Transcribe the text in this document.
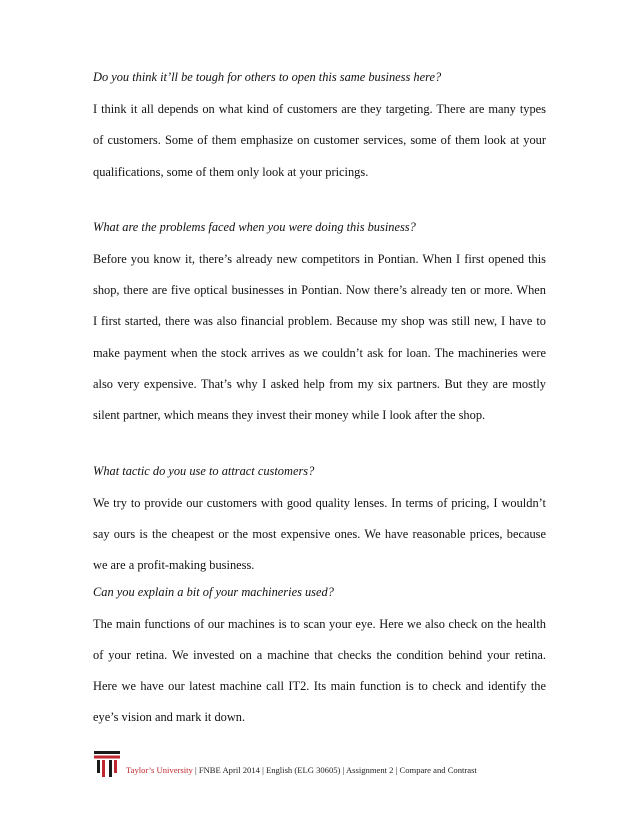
Do you think it’ll be tough for others to open this same business here?

I think it all depends on what kind of customers are they targeting. There are many types
of customers. Some of them emphasize on customer services, some of them look at your
qualifications, some of them only look at your pricings.

What are the problems faced when you were doing this business?

Before you know it, there’s already new competitors in Pontian. When I first opened this
shop, there are five optical businesses in Pontian. Now there’s already ten or more. When
I first started, there was also financial problem. Because my shop was still new, I have to
make payment when the stock arrives as we couldn’t ask for loan. The machineries were
also very expensive. That’s why I asked help from my six partners. But they are mostly
silent partner, which means they invest their money while I look after the shop.

What tactic do you use to attract customers?

We try to provide our customers with good quality lenses. In terms of pricing, I wouldn’t
say ours is the cheapest or the most expensive ones. We have reasonable prices, because
we are a profit-making business.

Can you explain a bit of your machineries used?

The main functions of our machines is to scan your eye. Here we also check on the health
of your retina. We invested on a machine that checks the condition behind your retina.
Here we have our latest machine call IT2. Its main function is to check and identify the
eye’s vision and mark it down.
Taylor’s University | FNBE April 2014 | English (ELG 30605) | Assignment 2 | Compare and Contrast
